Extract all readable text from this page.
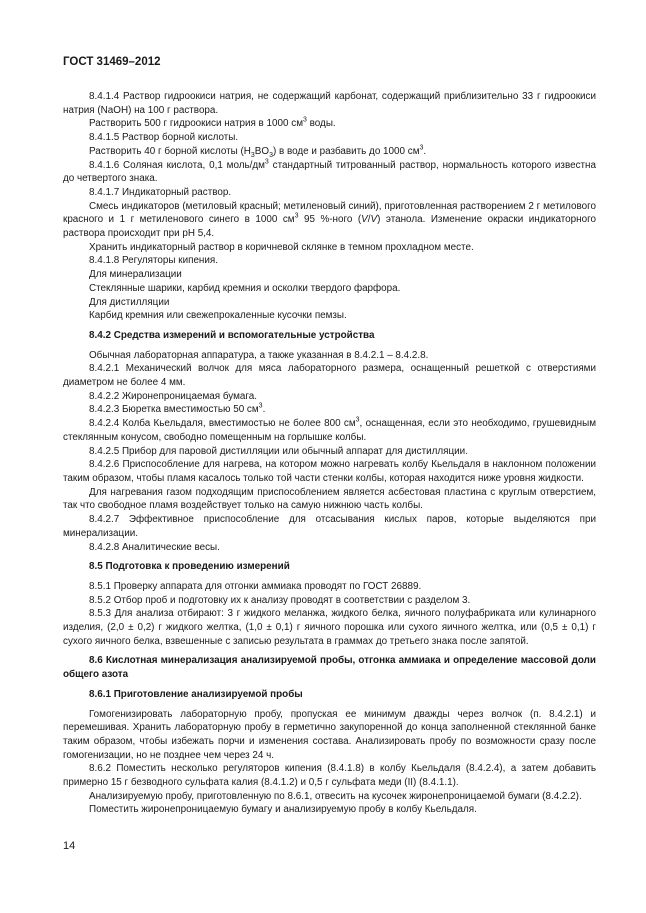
ГОСТ 31469–2012

8.4.1.4 Раствор гидроокиси натрия, не содержащий карбонат, содержащий приблизительно 33 г гидроокиси натрия (NaOH) на 100 г раствора.

Растворить 500 г гидроокиси натрия в 1000 $см^3$ воды.

8.4.1.5 Раствор борной кислоты.

Растворить 40 г борной кислоты $(H_3BO_3)$ в воде и разбавить до 1000 $см^3$.

8.4.1.6 Соляная кислота, 0,1 моль/$дм^3$ стандартный титрованный раствор, нормальность которого известна до четвертого знака.

8.4.1.7 Индикаторный раствор.

Смесь индикаторов (метиловый красный; метиленовый синий), приготовленная растворением 2 г метилового красного и 1 г метиленового синего в 1000 $см^3$ 95 %-ного (V/V) этанола. Изменение окраски индикаторного раствора происходит при рН 5,4.

Хранить индикаторный раствор в коричневой склянке в темном прохладном месте.

8.4.1.8 Регуляторы кипения.

Для минерализации

Стеклянные шарики, карбид кремния и осколки твердого фарфора.

Для дистилляции

Карбид кремния или свежепрокаленные кусочки пемзы.

8.4.2 Средства измерений и вспомогательные устройства

Обычная лабораторная аппаратура, а также указанная в 8.4.2.1 – 8.4.2.8.

8.4.2.1 Механический волчок для мяса лабораторного размера, оснащенный решеткой с отверстиями диаметром не более 4 мм.

8.4.2.2 Жиронепроницаемая бумага.

8.4.2.3 Бюретка вместимостью 50 $см^3$.

8.4.2.4 Колба Кьельдаля, вместимостью не более 800 $см^3$, оснащенная, если это необходимо, грушевидным стеклянным конусом, свободно помещенным на горлышке колбы.

8.4.2.5 Прибор для паровой дистилляции или обычный аппарат для дистилляции.

8.4.2.6 Приспособление для нагрева, на котором можно нагревать колбу Кьельдаля в наклонном положении таким образом, чтобы пламя касалось только той части стенки колбы, которая находится ниже уровня жидкости.

Для нагревания газом подходящим приспособлением является асбестовая пластина с круглым отверстием, так что свободное пламя воздействует только на самую нижнюю часть колбы.

8.4.2.7 Эффективное приспособление для отсасывания кислых паров, которые выделяются при минерализации.

8.4.2.8 Аналитические весы.

8.5 Подготовка к проведению измерений

8.5.1 Проверку аппарата для отгонки аммиака проводят по ГОСТ 26889.

8.5.2 Отбор проб и подготовку их к анализу проводят в соответствии с разделом 3.

8.5.3 Для анализа отбирают: 3 г жидкого меланжа, жидкого белка, яичного полуфабриката или кулинарного изделия, (2,0 ± 0,2) г жидкого желтка, (1,0 ± 0,1) г яичного порошка или сухого яичного желтка, или (0,5 ± 0,1) г сухого яичного белка, взвешенные с записью результата в граммах до третьего знака после запятой.

8.6 Кислотная минерализация анализируемой пробы, отгонка аммиака и определение массовой доли общего азота

8.6.1 Приготовление анализируемой пробы

Гомогенизировать лабораторную пробу, пропуская ее минимум дважды через волчок (п. 8.4.2.1) и перемешивая. Хранить лабораторную пробу в герметично закупоренной до конца заполненной стеклянной банке таким образом, чтобы избежать порчи и изменения состава. Анализировать пробу по возможности сразу после гомогенизации, но не позднее чем через 24 ч.

8.6.2 Поместить несколько регуляторов кипения (8.4.1.8) в колбу Кьельдаля (8.4.2.4), а затем добавить примерно 15 г безводного сульфата калия (8.4.1.2) и 0,5 г сульфата меди (II) (8.4.1.1).

Анализируемую пробу, приготовленную по 8.6.1, отвесить на кусочек жиронепроницаемой бумаги (8.4.2.2).

Поместить жиронепроницаемую бумагу и анализируемую пробу в колбу Кьельдаля.

14
